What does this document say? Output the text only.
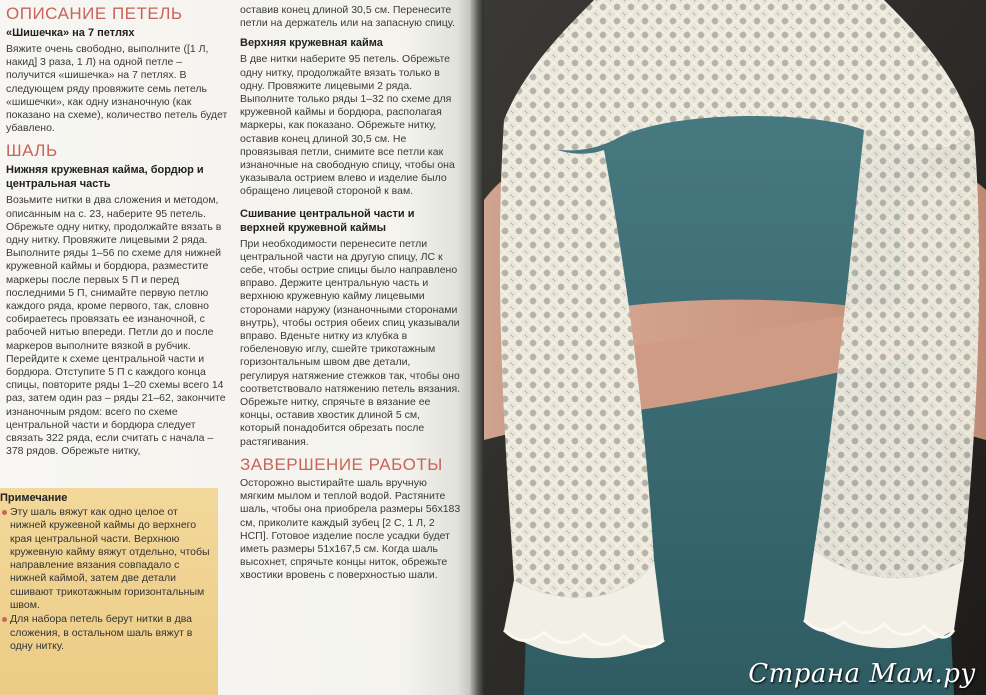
ОПИСАНИЕ ПЕТЕЛЬ
«Шишечка» на 7 петлях

Вяжите очень свободно, выполните ([1 Л, накид] 3 раза, 1 Л) на одной петле – получится «шишечка» на 7 петлях. В следующем ряду провяжите семь петель «шишечки», как одну изнаночную (как показано на схеме), количество петель будет убавлено.

ШАЛЬ
Нижняя кружевная кайма, бордюр и центральная часть

Возьмите нитки в два сложения и методом, описанным на с. 23, наберите 95 петель. Обрежьте одну нитку, продолжайте вязать в одну нитку. Провяжите лицевыми 2 ряда. Выполните ряды 1–56 по схеме для нижней кружевной каймы и бордюра, разместите маркеры после первых 5 П и перед последними 5 П, снимайте первую петлю каждого ряда, кроме первого, так, словно собираетесь провязать ее изнаночной, с рабочей нитью впереди. Петли до и после маркеров выполните вязкой в рубчик. Перейдите к схеме центральной части и бордюра. Отступите 5 П с каждого конца спицы, повторите ряды 1–20 схемы всего 14 раз, затем один раз – ряды 21–62, закончите изнаночным рядом: всего по схеме центральной части и бордюра следует связать 322 ряда, если считать с начала – 378 рядов. Обрежьте нитку,

оставив конец длиной 30,5 см. Перенесите петли на держатель или на запасную спицу.

Верхняя кружевная кайма

В две нитки наберите 95 петель. Обрежьте одну нитку, продолжайте вязать только в одну. Провяжите лицевыми 2 ряда. Выполните только ряды 1–32 по схеме для кружевной каймы и бордюра, располагая маркеры, как показано. Обрежьте нитку, оставив конец длиной 30,5 см. Не провязывая петли, снимите все петли как изнаночные на свободную спицу, чтобы она указывала острием влево и изделие было обращено лицевой стороной к вам.

Сшивание центральной части и верхней кружевной каймы

При необходимости перенесите петли центральной части на другую спицу, ЛС к себе, чтобы острие спицы было направлено вправо. Держите центральную часть и верхнюю кружевную кайму лицевыми сторонами наружу (изнаночными сторонами внутрь), чтобы острия обеих спиц указывали вправо. Вденьте нитку из клубка в гобеленовую иглу, сшейте трикотажным горизонтальным швом две детали, регулируя натяжение стежков так, чтобы оно соответствовало натяжению петель вязания. Обрежьте нитку, спрячьте в вязание ее концы, оставив хвостик длиной 5 см, который понадобится обрезать после растягивания.

ЗАВЕРШЕНИЕ РАБОТЫ

Осторожно выстирайте шаль вручную мягким мылом и теплой водой. Растяните шаль, чтобы она приобрела размеры 56х183 см, приколите каждый зубец [2 С, 1 Л, 2 НСП]. Готовое изделие после усадки будет иметь размеры 51х167,5 см. Когда шаль высохнет, спрячьте концы ниток, обрежьте хвостики вровень с поверхностью шали.

Примечание
Эту шаль вяжут как одно целое от нижней кружевной каймы до верхнего края центральной части. Верхнюю кружевную кайму вяжут отдельно, чтобы направление вязания совпадало с нижней каймой, затем две детали сшивают трикотажным горизонтальным швом.
Для набора петель берут нитки в два сложения, в остальном шаль вяжут в одну нитку.
Страна Мам.ру
